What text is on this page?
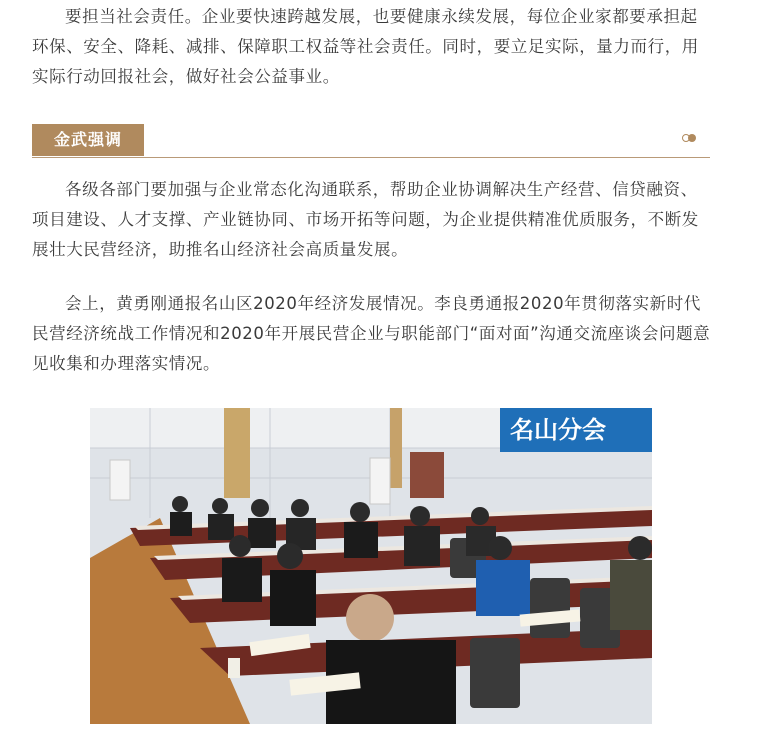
要担当社会责任。企业要快速跨越发展，也要健康永续发展，每位企业家都要承担起环保、安全、降耗、减排、保障职工权益等社会责任。同时，要立足实际，量力而行，用实际行动回报社会，做好社会公益事业。

金武强调

各级各部门要加强与企业常态化沟通联系，帮助企业协调解决生产经营、信贷融资、项目建设、人才支撑、产业链协同、市场开拓等问题，为企业提供精准优质服务，不断发展壮大民营经济，助推名山经济社会高质量发展。

会上，黄勇刚通报名山区2020年经济发展情况。李良勇通报2020年贯彻落实新时代民营经济统战工作情况和2020年开展民营企业与职能部门“面对面”沟通交流座谈会问题意见收集和办理落实情况。

名山分会
